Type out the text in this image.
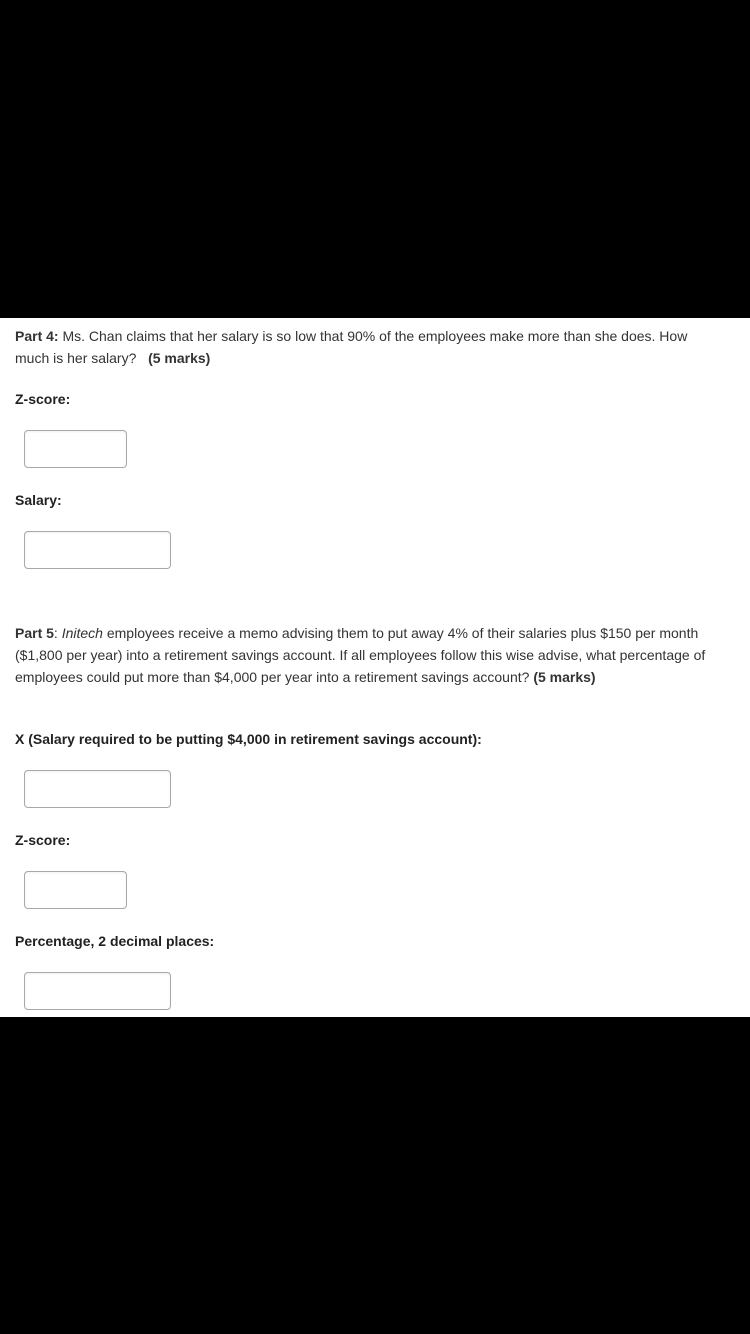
Part 4: Ms. Chan claims that her salary is so low that 90% of the employees make more than she does. How much is her salary? (5 marks)
Z-score:
Salary:
Part 5: Initech employees receive a memo advising them to put away 4% of their salaries plus $150 per month ($1,800 per year) into a retirement savings account. If all employees follow this wise advise, what percentage of employees could put more than $4,000 per year into a retirement savings account? (5 marks)
X (Salary required to be putting $4,000 in retirement savings account):
Z-score:
Percentage, 2 decimal places:
